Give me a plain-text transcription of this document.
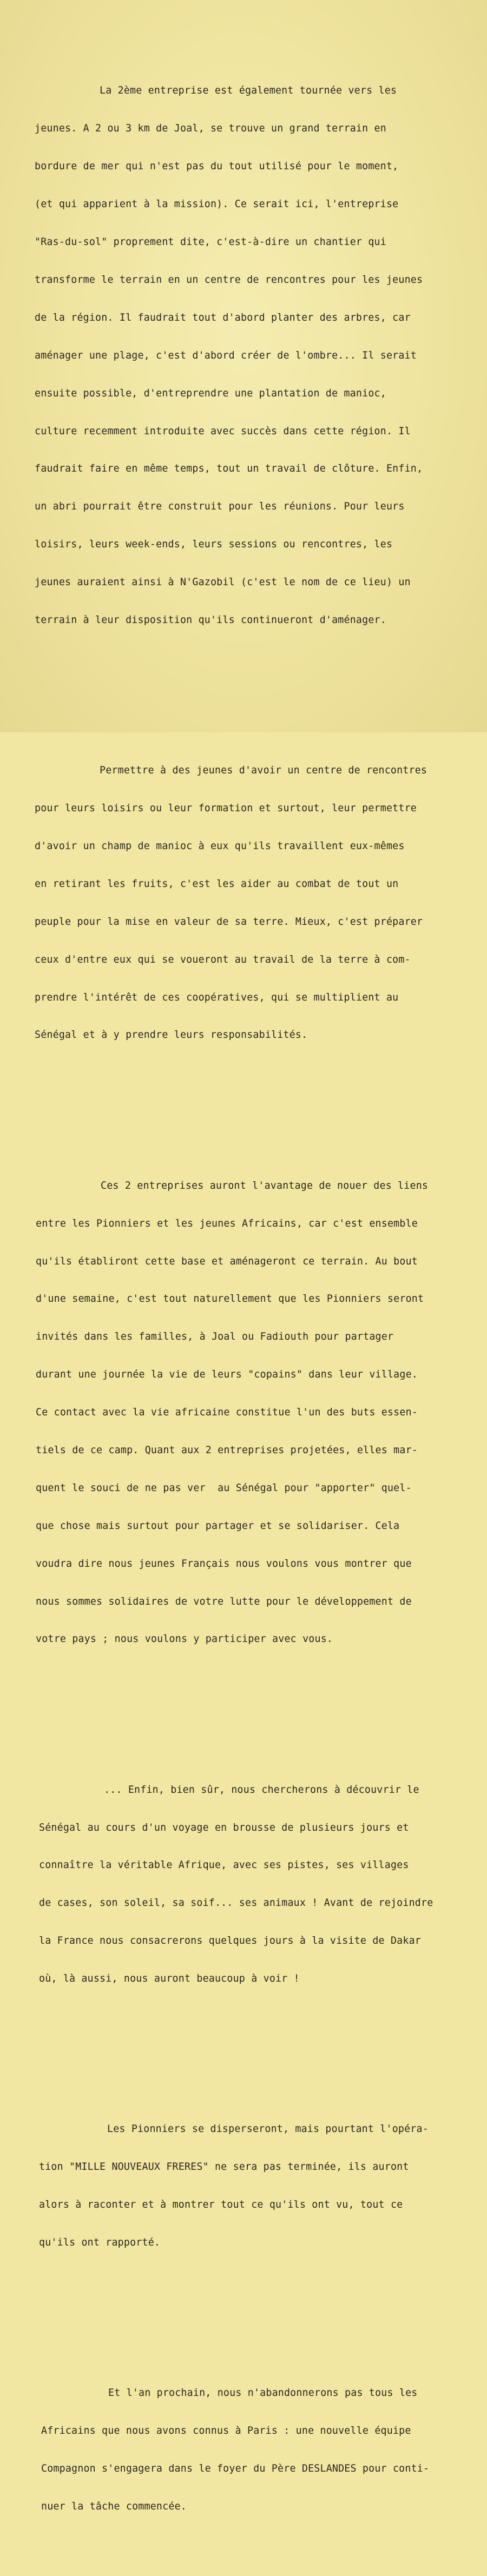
La 2ème entreprise est également tournée vers les

jeunes. A 2 ou 3 km de Joal, se trouve un grand terrain en

bordure de mer qui n'est pas du tout utilisé pour le moment,

(et qui apparient à la mission). Ce serait ici, l'entreprise

"Ras-du-sol" proprement dite, c'est-à-dire un chantier qui

transforme le terrain en un centre de rencontres pour les jeunes

de la région. Il faudrait tout d'abord planter des arbres, car

aménager une plage, c'est d'abord créer de l'ombre... Il serait

ensuite possible, d'entreprendre une plantation de manioc,

culture recemment introduite avec succès dans cette région. Il

faudrait faire en même temps, tout un travail de clôture. Enfin,

un abri pourrait être construit pour les réunions. Pour leurs

loisirs, leurs week-ends, leurs sessions ou rencontres, les

jeunes auraient ainsi à N'Gazobil (c'est le nom de ce lieu) un

terrain à leur disposition qu'ils continueront d'aménager.

Permettre à des jeunes d'avoir un centre de rencontres

pour leurs loisirs ou leur formation et surtout, leur permettre

d'avoir un champ de manioc à eux qu'ils travaillent eux-mêmes

en retirant les fruits, c'est les aider au combat de tout un

peuple pour la mise en valeur de sa terre. Mieux, c'est préparer

ceux d'entre eux qui se voueront au travail de la terre à com-

prendre l'intérêt de ces coopératives, qui se multiplient au

Sénégal et à y prendre leurs responsabilités.

Ces 2 entreprises auront l'avantage de nouer des liens

entre les Pionniers et les jeunes Africains, car c'est ensemble

qu'ils établiront cette base et aménageront ce terrain. Au bout

d'une semaine, c'est tout naturellement que les Pionniers seront

invités dans les familles, à Joal ou Fadiouth pour partager

durant une journée la vie de leurs "copains" dans leur village.

Ce contact avec la vie africaine constitue l'un des buts essen-

tiels de ce camp. Quant aux 2 entreprises projetées, elles mar-

quent le souci de ne pas ver  au Sénégal pour "apporter" quel-

que chose mais surtout pour partager et se solidariser. Cela

voudra dire nous jeunes Français nous voulons vous montrer que

nous sommes solidaires de votre lutte pour le développement de

votre pays ; nous voulons y participer avec vous.

... Enfin, bien sûr, nous chercherons à découvrir le

Sénégal au cours d'un voyage en brousse de plusieurs jours et

connaître la véritable Afrique, avec ses pistes, ses villages

de cases, son soleil, sa soif... ses animaux ! Avant de rejoindre

la France nous consacrerons quelques jours à la visite de Dakar

où, là aussi, nous auront beaucoup à voir !

Les Pionniers se disperseront, mais pourtant l'opéra-

tion "MILLE NOUVEAUX FRERES" ne sera pas terminée, ils auront

alors à raconter et à montrer tout ce qu'ils ont vu, tout ce

qu'ils ont rapporté.

Et l'an prochain, nous n'abandonnerons pas tous les

Africains que nous avons connus à Paris : une nouvelle équipe

Compagnon s'engagera dans le foyer du Père DESLANDES pour conti-

nuer la tâche commencée.
